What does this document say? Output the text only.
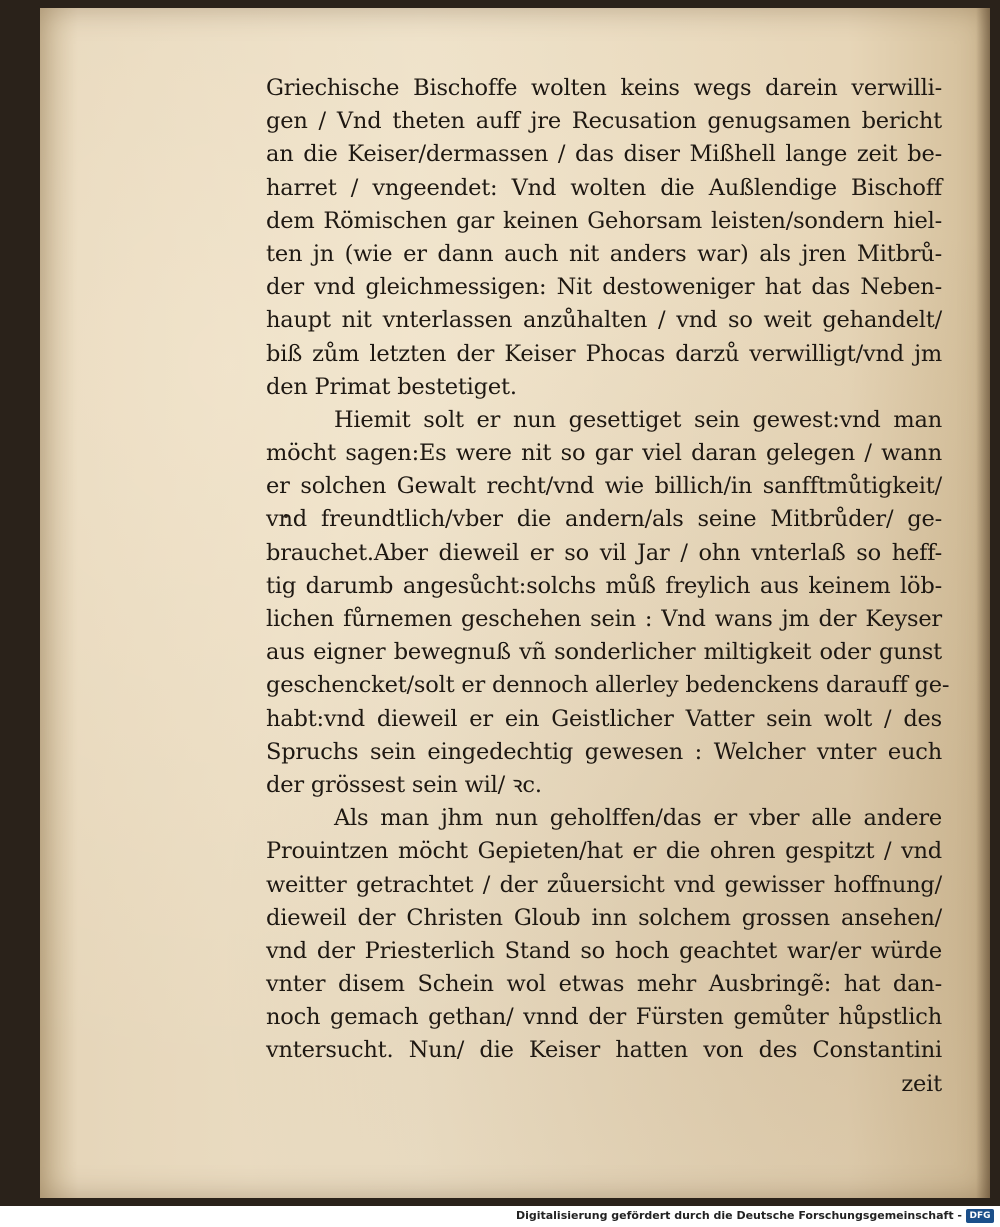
Griechische Bischoffe wolten keins wegs darein verwilli-
gen / Vnd theten auff jre Recusation genugsamen bericht
an die Keiser/dermassen / das diser Mißhell lange zeit be-
harret / vngeendet: Vnd wolten die Außlendige Bischoff
dem Römischen gar keinen Gehorsam leisten/sondern hiel-
ten jn (wie er dann auch nit anders war) als jren Mitbrů-
der vnd gleichmessigen: Nit destoweniger hat das Neben-
haupt nit vnterlassen anzůhalten / vnd so weit gehandelt/
biß zům letzten der Keiser Phocas darzů verwilligt/vnd jm
den Primat bestetiget.
Hiemit solt er nun gesettiget sein gewest:vnd man
möcht sagen:Es were nit so gar viel daran gelegen / wann
er solchen Gewalt recht/vnd wie billich/in sanfftmůtigkeit/
vnd freundtlich/vber die andern/als seine Mitbrůder/ ge-
brauchet.Aber dieweil er so vil Jar / ohn vnterlaß so heff-
tig darumb angesůcht:solchs můß freylich aus keinem löb-
lichen fůrnemen geschehen sein : Vnd wans jm der Keyser
aus eigner bewegnuß vñ sonderlicher miltigkeit oder gunst
geschencket/solt er dennoch allerley bedenckens darauff ge-
habt:vnd dieweil er ein Geistlicher Vatter sein wolt / des
Spruchs sein eingedechtig gewesen : Welcher vnter euch
der grössest sein wil/ ꝛc.
Als man jhm nun geholffen/das er vber alle andere
Prouintzen möcht Gepieten/hat er die ohren gespitzt / vnd
weitter getrachtet / der zůuersicht vnd gewisser hoffnung/
dieweil der Christen Gloub inn solchem grossen ansehen/
vnd der Priesterlich Stand so hoch geachtet war/er würde
vnter disem Schein wol etwas mehr Ausbringẽ: hat dan-
noch gemach gethan/ vnnd der Fürsten gemůter hůpstlich
vntersucht. Nun/ die Keiser hatten von des Constantini
zeit
Digitalisierung gefördert durch die Deutsche Forschungsgemeinschaft - DFG
